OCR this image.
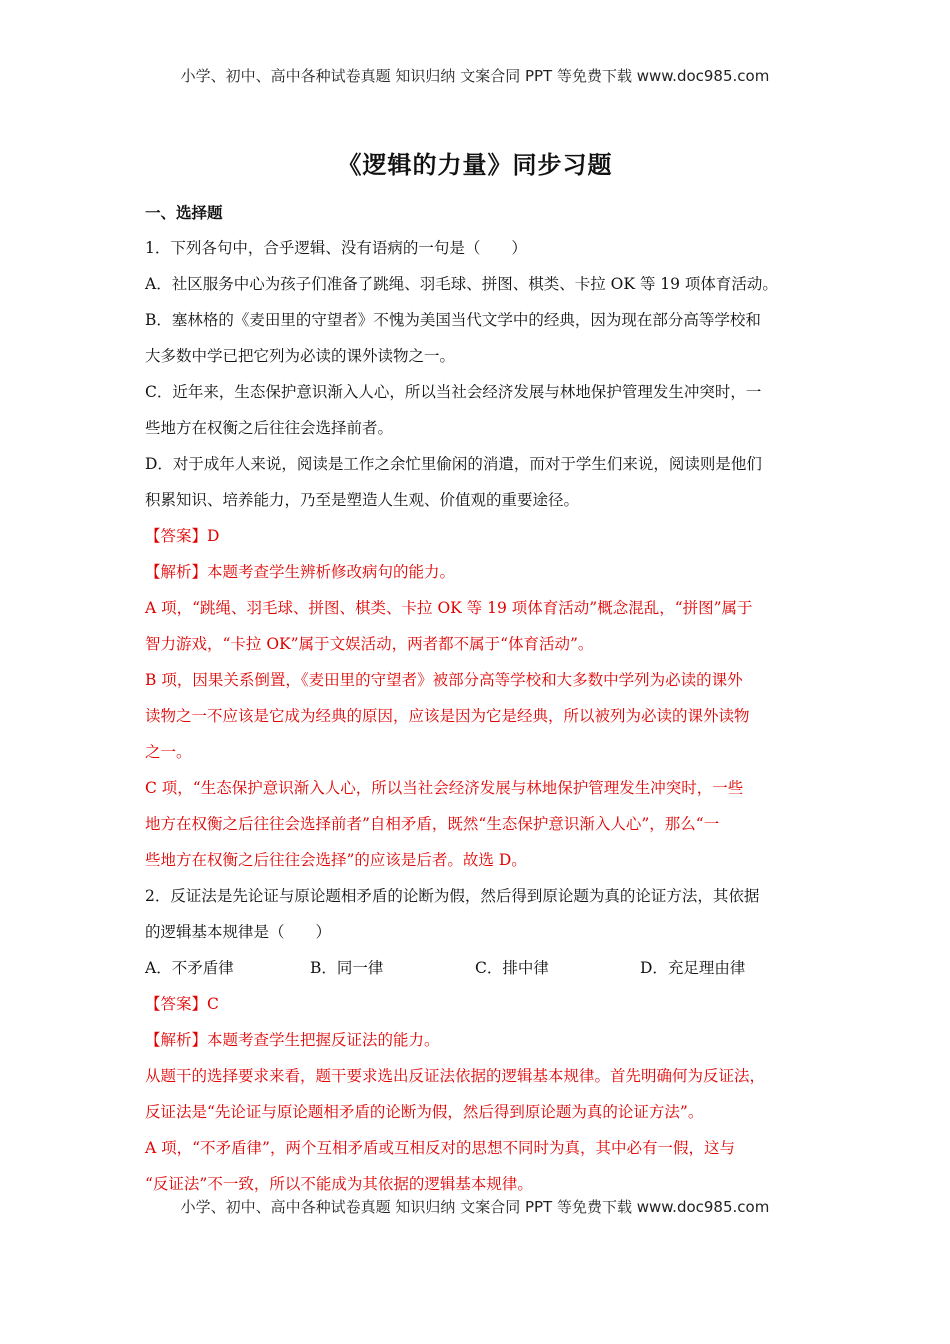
小学、初中、高中各种试卷真题 知识归纳 文案合同 PPT 等免费下载 www.doc985.com
《逻辑的力量》同步习题

一、选择题

1．下列各句中，合乎逻辑、没有语病的一句是（　　）

A．社区服务中心为孩子们准备了跳绳、羽毛球、拼图、棋类、卡拉 OK 等 19 项体育活动。

B．塞林格的《麦田里的守望者》不愧为美国当代文学中的经典，因为现在部分高等学校和

大多数中学已把它列为必读的课外读物之一。

C．近年来，生态保护意识渐入人心，所以当社会经济发展与林地保护管理发生冲突时，一

些地方在权衡之后往往会选择前者。

D．对于成年人来说，阅读是工作之余忙里偷闲的消遣，而对于学生们来说，阅读则是他们

积累知识、培养能力，乃至是塑造人生观、价值观的重要途径。

【答案】D

【解析】本题考查学生辨析修改病句的能力。

A 项，“跳绳、羽毛球、拼图、棋类、卡拉 OK 等 19 项体育活动”概念混乱，“拼图”属于

智力游戏，“卡拉 OK”属于文娱活动，两者都不属于“体育活动”。

B 项，因果关系倒置，《麦田里的守望者》被部分高等学校和大多数中学列为必读的课外

读物之一不应该是它成为经典的原因，应该是因为它是经典，所以被列为必读的课外读物

之一。

C 项，“生态保护意识渐入人心，所以当社会经济发展与林地保护管理发生冲突时，一些

地方在权衡之后往往会选择前者”自相矛盾，既然“生态保护意识渐入人心”，那么“一

些地方在权衡之后往往会选择”的应该是后者。故选 D。

2．反证法是先论证与原论题相矛盾的论断为假，然后得到原论题为真的论证方法，其依据

的逻辑基本规律是（　　）

A．不矛盾律	B．同一律	C．排中律	D．充足理由律

【答案】C

【解析】本题考查学生把握反证法的能力。

从题干的选择要求来看，题干要求选出反证法依据的逻辑基本规律。首先明确何为反证法，

反证法是“先论证与原论题相矛盾的论断为假，然后得到原论题为真的论证方法”。

A 项，“不矛盾律”，两个互相矛盾或互相反对的思想不同时为真，其中必有一假，这与

“反证法”不一致，所以不能成为其依据的逻辑基本规律。

小学、初中、高中各种试卷真题 知识归纳 文案合同 PPT 等免费下载 www.doc985.com
